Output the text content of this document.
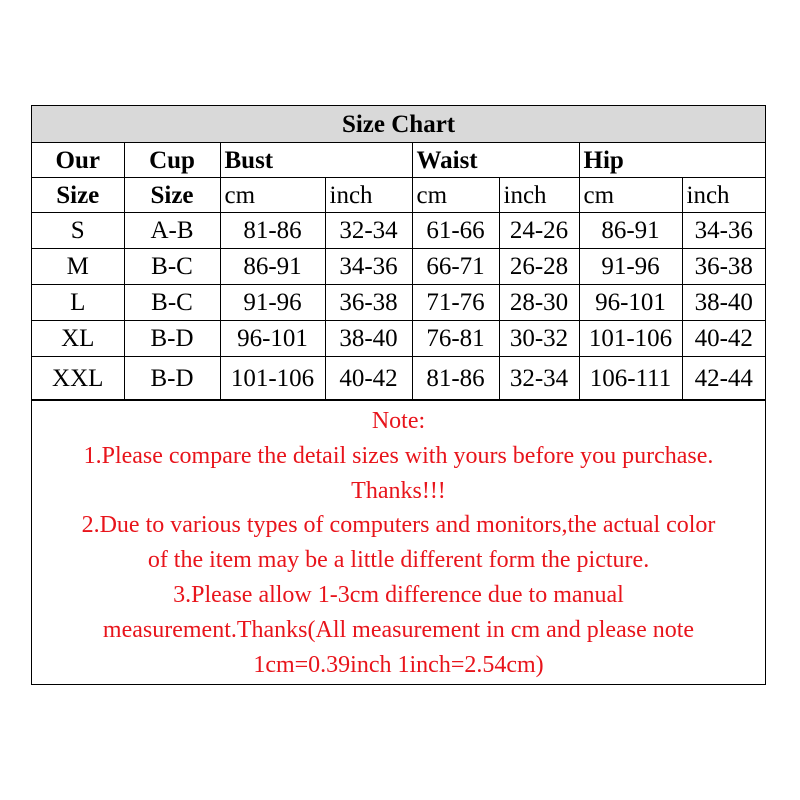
Size Chart							
Our	Cup	Bust		Waist		Hip	
Size	Size	cm	inch	cm	inch	cm	inch
S	A-B	81-86	32-34	61-66	24-26	86-91	34-36
M	B-C	86-91	34-36	66-71	26-28	91-96	36-38
L	B-C	91-96	36-38	71-76	28-30	96-101	38-40
XL	B-D	96-101	38-40	76-81	30-32	101-106	40-42
XXL	B-D	101-106	40-42	81-86	32-34	106-111	42-44
Note:
1.Please compare the detail sizes with yours before you purchase.
Thanks!!!
2.Due to various types of computers and monitors,the actual color
of the item may be a little different form the picture.
3.Please allow 1-3cm difference due to manual
measurement.Thanks(All measurement in cm and please note
1cm=0.39inch 1inch=2.54cm)
